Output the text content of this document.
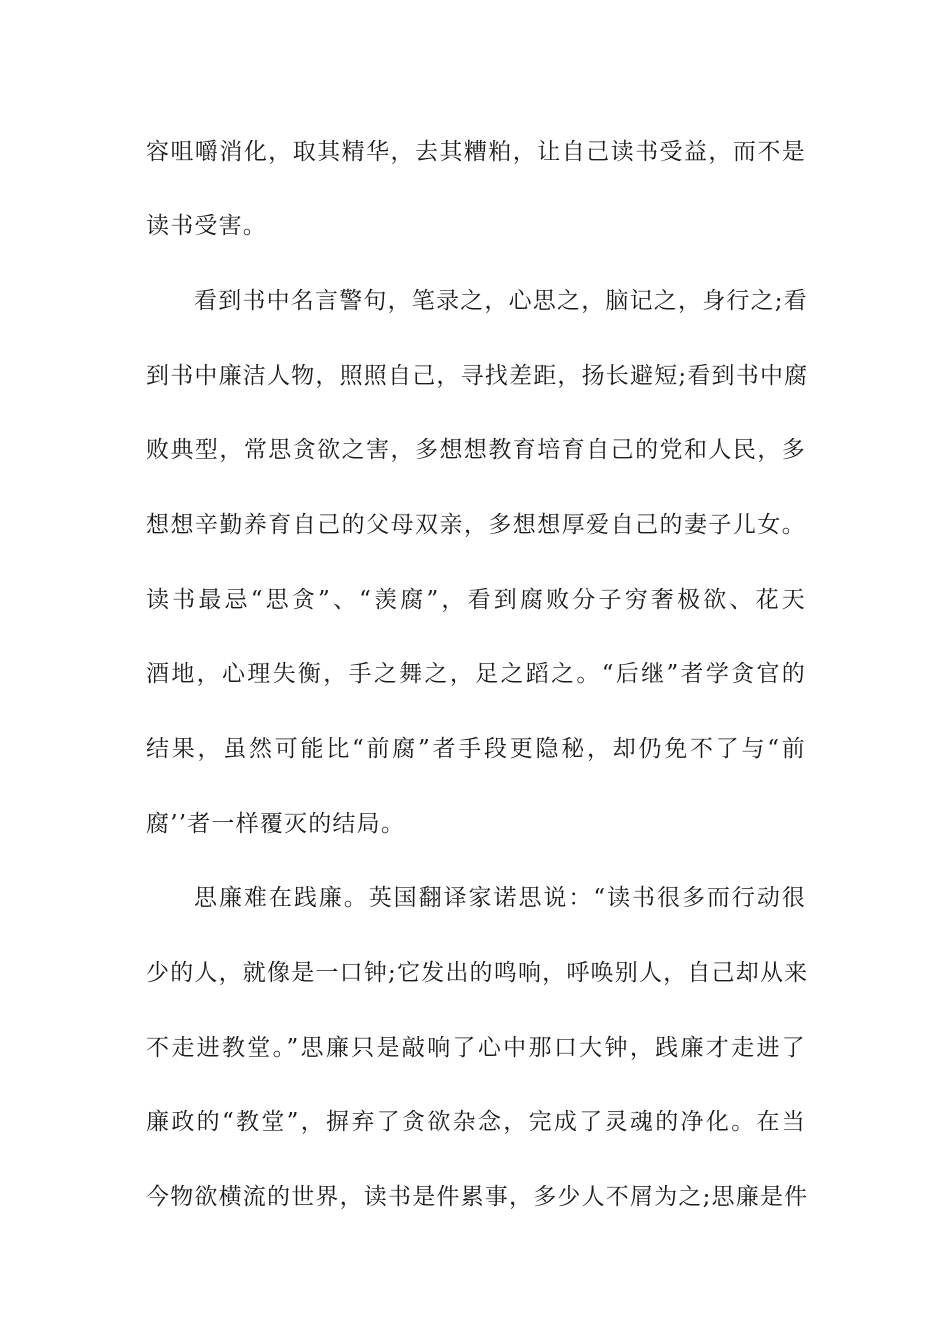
容咀嚼消化，取其精华，去其糟粕，让自己读书受益，而不是
读书受害。
看到书中名言警句，笔录之，心思之，脑记之，身行之;看
到书中廉洁人物，照照自己，寻找差距，扬长避短;看到书中腐
败典型，常思贪欲之害，多想想教育培育自己的党和人民，多
想想辛勤养育自己的父母双亲，多想想厚爱自己的妻子儿女。
读书最忌“思贪”、“羡腐”，看到腐败分子穷奢极欲、花天
酒地，心理失衡，手之舞之，足之蹈之。“后继”者学贪官的
结果，虽然可能比“前腐”者手段更隐秘，却仍免不了与“前
腐’’者一样覆灭的结局。
思廉难在践廉。英国翻译家诺思说：“读书很多而行动很
少的人，就像是一口钟;它发出的鸣响，呼唤别人，自己却从来
不走进教堂。”思廉只是敲响了心中那口大钟，践廉才走进了
廉政的“教堂”，摒弃了贪欲杂念，完成了灵魂的净化。在当
今物欲横流的世界，读书是件累事，多少人不屑为之;思廉是件
